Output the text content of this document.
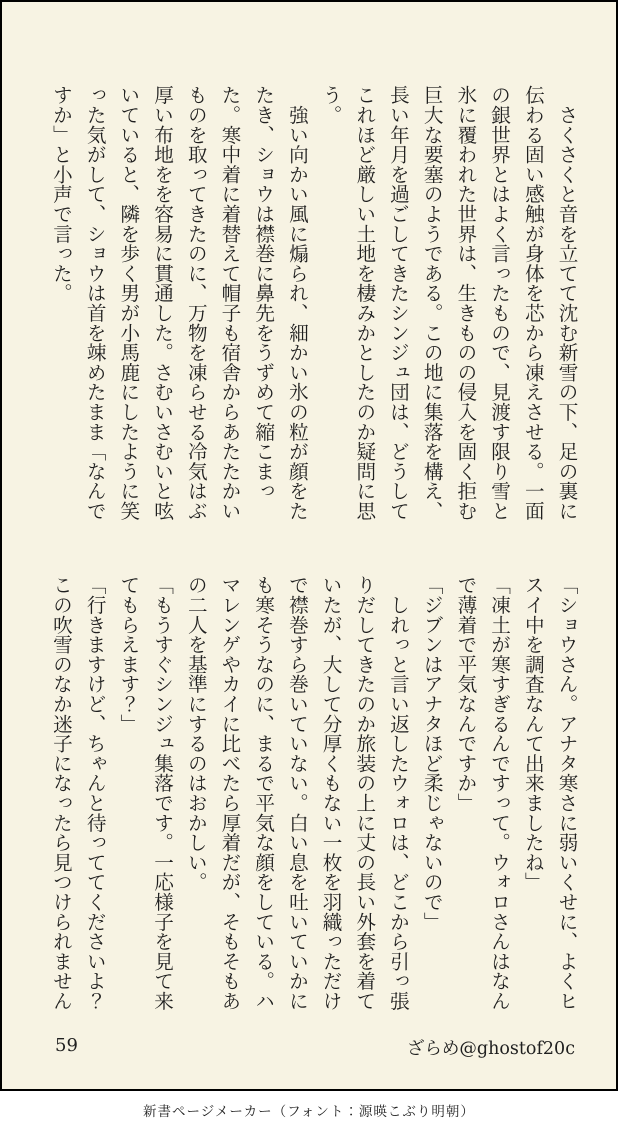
　さくさくと音を立てて沈む新雪の下、足の裏に伝わる固い感触が身体を芯から凍えさせる。一面の銀世界とはよく言ったもので、見渡す限り雪と氷に覆われた世界は、生きものの侵入を固く拒む巨大な要塞のようである。この地に集落を構え、長い年月を過ごしてきたシンジュ団は、どうしてこれほど厳しい土地を棲みかとしたのか疑問に思う。

　強い向かい風に煽られ、細かい氷の粒が顔をたたき、ショウは襟巻に鼻先をうずめて縮こまった。寒中着に着替えて帽子も宿舎からあたたかいものを取ってきたのに、万物を凍らせる冷気はぶ厚い布地をを容易に貫通した。さむいさむいと呟いていると、隣を歩く男が小馬鹿にしたように笑った気がして、ショウは首を竦めたまま「なんですか」と小声で言った。

「ショウさん。アナタ寒さに弱いくせに、よくヒスイ中を調査なんて出来ましたね」

「凍土が寒すぎるんですって。ウォロさんはなんで薄着で平気なんですか」

「ジブンはアナタほど柔じゃないので」

　しれっと言い返したウォロは、どこから引っ張りだしてきたのか旅装の上に丈の長い外套を着ていたが、大して分厚くもない一枚を羽織っただけで襟巻すら巻いていない。白い息を吐いていかにも寒そうなのに、まるで平気な顔をしている。ハマレンゲやカイに比べたら厚着だが、そもそもあの二人を基準にするのはおかしい。

「もうすぐシンジュ集落です。一応様子を見て来てもらえます？」

「行きますけど、ちゃんと待っててくださいよ？この吹雪のなか迷子になったら見つけられません

59	ざらめ@ghostof20c
新書ページメーカー（フォント：源暎こぶり明朝）
